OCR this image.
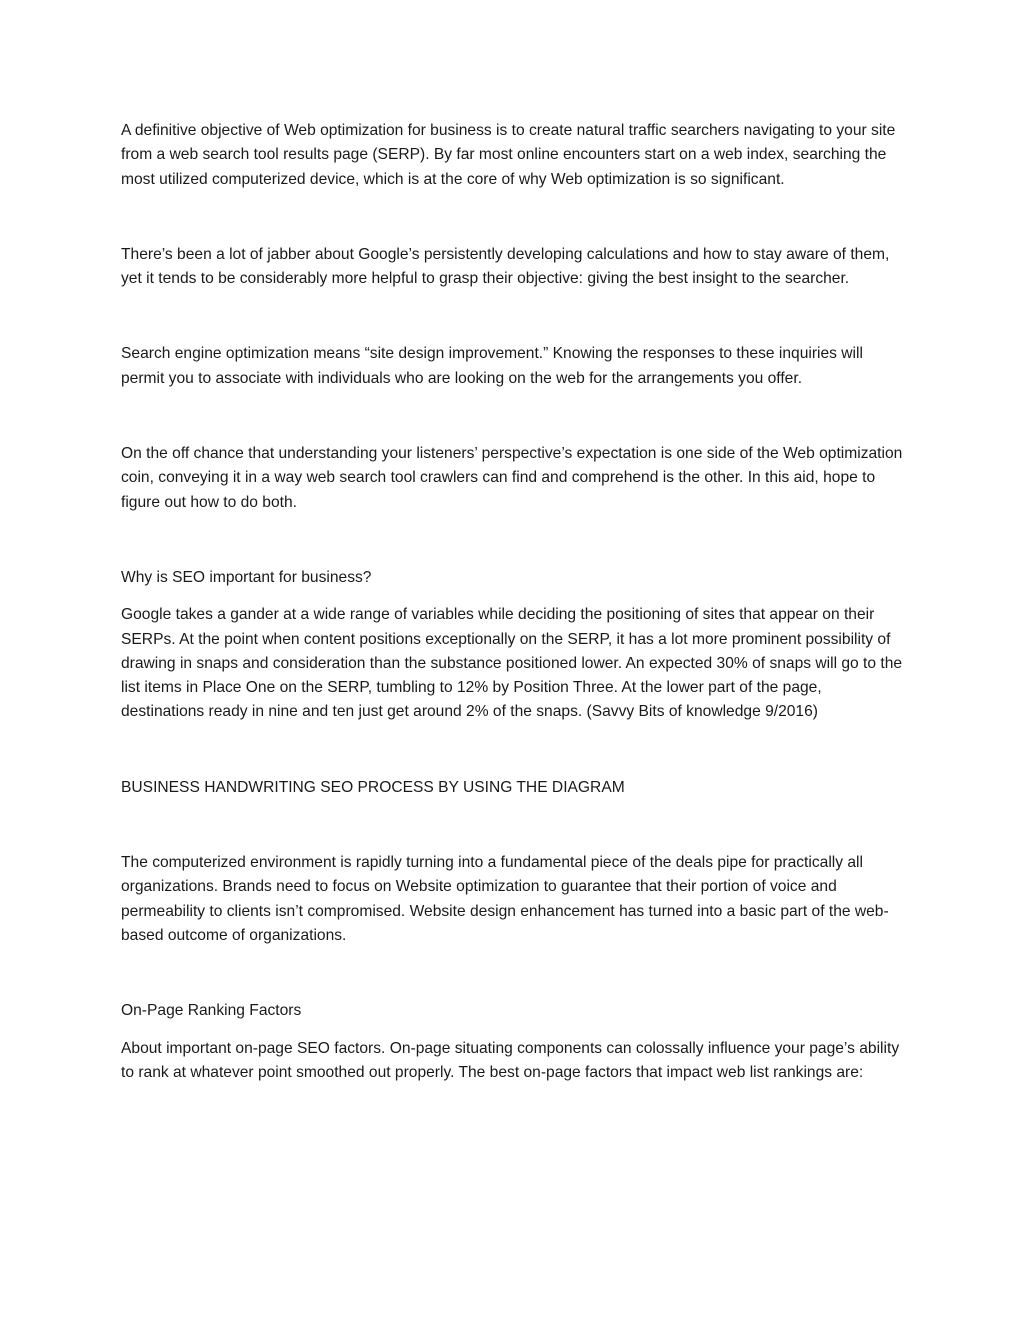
A definitive objective of Web optimization for business is to create natural traffic searchers navigating to your site from a web search tool results page (SERP). By far most online encounters start on a web index, searching the most utilized computerized device, which is at the core of why Web optimization is so significant.

There’s been a lot of jabber about Google’s persistently developing calculations and how to stay aware of them, yet it tends to be considerably more helpful to grasp their objective: giving the best insight to the searcher.

Search engine optimization means “site design improvement.” Knowing the responses to these inquiries will permit you to associate with individuals who are looking on the web for the arrangements you offer.

On the off chance that understanding your listeners’ perspective’s expectation is one side of the Web optimization coin, conveying it in a way web search tool crawlers can find and comprehend is the other. In this aid, hope to figure out how to do both.

Why is SEO important for business?

Google takes a gander at a wide range of variables while deciding the positioning of sites that appear on their SERPs. At the point when content positions exceptionally on the SERP, it has a lot more prominent possibility of drawing in snaps and consideration than the substance positioned lower. An expected 30% of snaps will go to the list items in Place One on the SERP, tumbling to 12% by Position Three. At the lower part of the page, destinations ready in nine and ten just get around 2% of the snaps. (Savvy Bits of knowledge 9/2016)

BUSINESS HANDWRITING SEO PROCESS BY USING THE DIAGRAM

The computerized environment is rapidly turning into a fundamental piece of the deals pipe for practically all organizations. Brands need to focus on Website optimization to guarantee that their portion of voice and permeability to clients isn’t compromised. Website design enhancement has turned into a basic part of the web-based outcome of organizations.

On-Page Ranking Factors

About important on-page SEO factors. On-page situating components can colossally influence your page’s ability to rank at whatever point smoothed out properly. The best on-page factors that impact web list rankings are:
